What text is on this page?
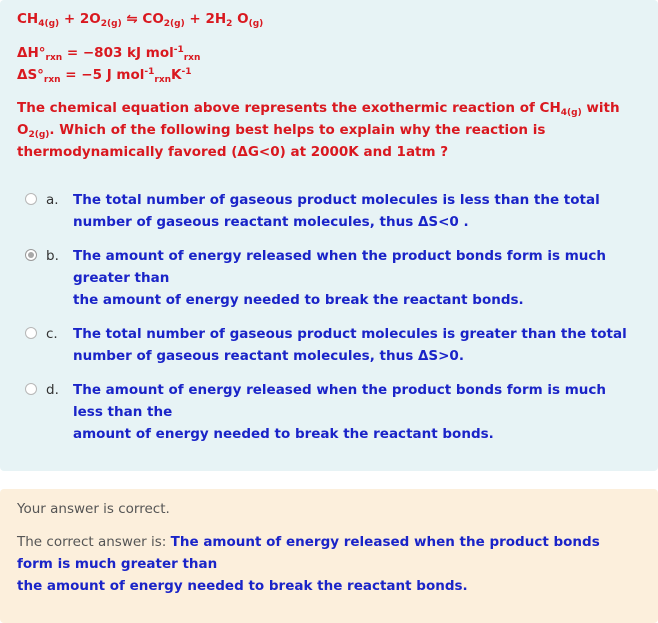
$CH_{4(g)} + 2O_{2(g)}$ ⇋ $CO_{2(g)} + 2H_2$ $O_{(g)}$
$\Delta H^\circ_{rxn} = -803$ kJ mol$^{-1}_{rxn}$
$\Delta S^\circ_{rxn} = -5$ J $mol^{-1}_{rxn}K^{-1}$
The chemical equation above represents the exothermic reaction of $CH_{4(g)}$ with $O_{2(g)}$. Which of the following best helps to explain why the reaction is thermodynamically favored (ΔG<0) at 2000K and 1atm ?
a. The total number of gaseous product molecules is less than the total number of gaseous reactant molecules, thus ΔS<0 .
b. The amount of energy released when the product bonds form is much greater than
the amount of energy needed to break the reactant bonds.
c. The total number of gaseous product molecules is greater than the total number of gaseous reactant molecules, thus ΔS>0.
d. The amount of energy released when the product bonds form is much less than the
amount of energy needed to break the reactant bonds.
Your answer is correct.
The correct answer is: The amount of energy released when the product bonds form is much greater than
the amount of energy needed to break the reactant bonds.
